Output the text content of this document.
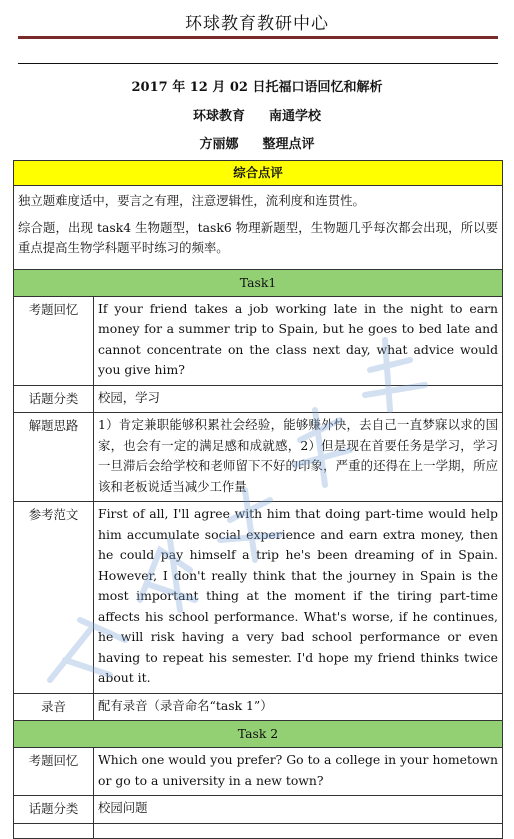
环球教育教研中心
2017 年 12 月 02 日托福口语回忆和解析
环球教育 南通学校
方丽娜 整理点评
综合点评	

独立题难度适中，要言之有理，注意逻辑性，流利度和连贯性。

综合题，出现 task4 生物题型，task6 物理新题型，生物题几乎每次都会出现，所以要重点提高生物学科题平时练习的频率。	

Task1	
考题回忆	If your friend takes a job working late in the night to earn money for a summer trip to Spain, but he goes to bed late and cannot concentrate on the class next day, what advice would you give him?
话题分类	校园，学习
解题思路	1）肯定兼职能够积累社会经验，能够赚外快，去自己一直梦寐以求的国家，也会有一定的满足感和成就感，2）但是现在首要任务是学习，学习一旦滞后会给学校和老师留下不好的印象，严重的还得在上一学期，所应该和老板说适当减少工作量
参考范文	First of all, I'll agree with him that doing part-time would help him accumulate social experience and earn extra money, then he could pay himself a trip he's been dreaming of in Spain. However, I don't really think that the journey in Spain is the most important thing at the moment if the tiring part-time affects his school performance. What's worse, if he continues, he will risk having a very bad school performance or even having to repeat his semester. I'd hope my friend thinks twice about it.
录音	配有录音（录音命名“task 1”）
Task 2	
考题回忆	Which one would you prefer? Go to a college in your hometown or go to a university in a new town?
话题分类	校园问题
